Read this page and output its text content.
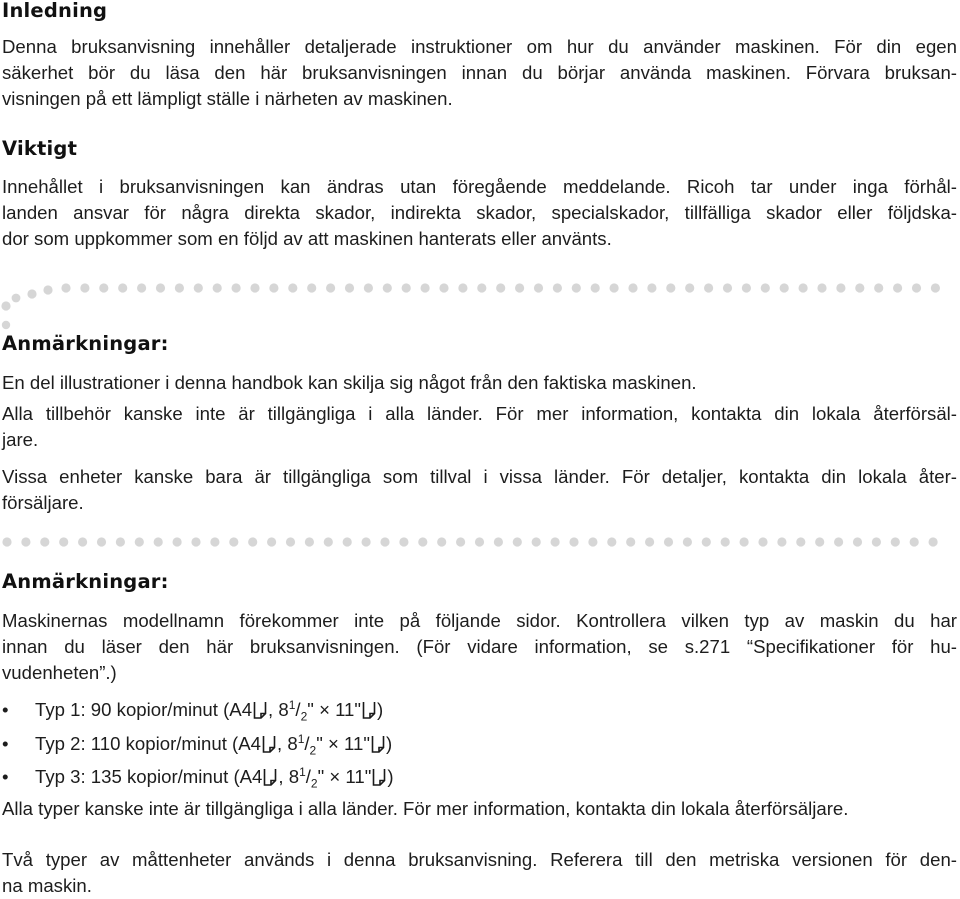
Inledning

Denna bruksanvisning innehåller detaljerade instruktioner om hur du använder maskinen. För din egen
säkerhet bör du läsa den här bruksanvisningen innan du börjar använda maskinen. Förvara bruksan-
visningen på ett lämpligt ställe i närheten av maskinen.

Viktigt

Innehållet i bruksanvisningen kan ändras utan föregående meddelande. Ricoh tar under inga förhål-
landen ansvar för några direkta skador, indirekta skador, specialskador, tillfälliga skador eller följdska-
dor som uppkommer som en följd av att maskinen hanterats eller använts.

Anmärkningar:

En del illustrationer i denna handbok kan skilja sig något från den faktiska maskinen.

Alla tillbehör kanske inte är tillgängliga i alla länder. För mer information, kontakta din lokala återförsäl-
jare.

Vissa enheter kanske bara är tillgängliga som tillval i vissa länder. För detaljer, kontakta din lokala åter-
försäljare.

Anmärkningar:

Maskinernas modellnamn förekommer inte på följande sidor. Kontrollera vilken typ av maskin du har
innan du läser den här bruksanvisningen. (För vidare information, se s.271 “Specifikationer för hu-
vudenheten”.)

• Typ 1: 90 kopior/minut (A4 , $8^1/_2$" × 11" )
• Typ 2: 110 kopior/minut (A4 , $8^1/_2$" × 11" )
• Typ 3: 135 kopior/minut (A4 , $8^1/_2$" × 11" )

Alla typer kanske inte är tillgängliga i alla länder. För mer information, kontakta din lokala återförsäljare.

Två typer av måttenheter används i denna bruksanvisning. Referera till den metriska versionen för den-
na maskin.
